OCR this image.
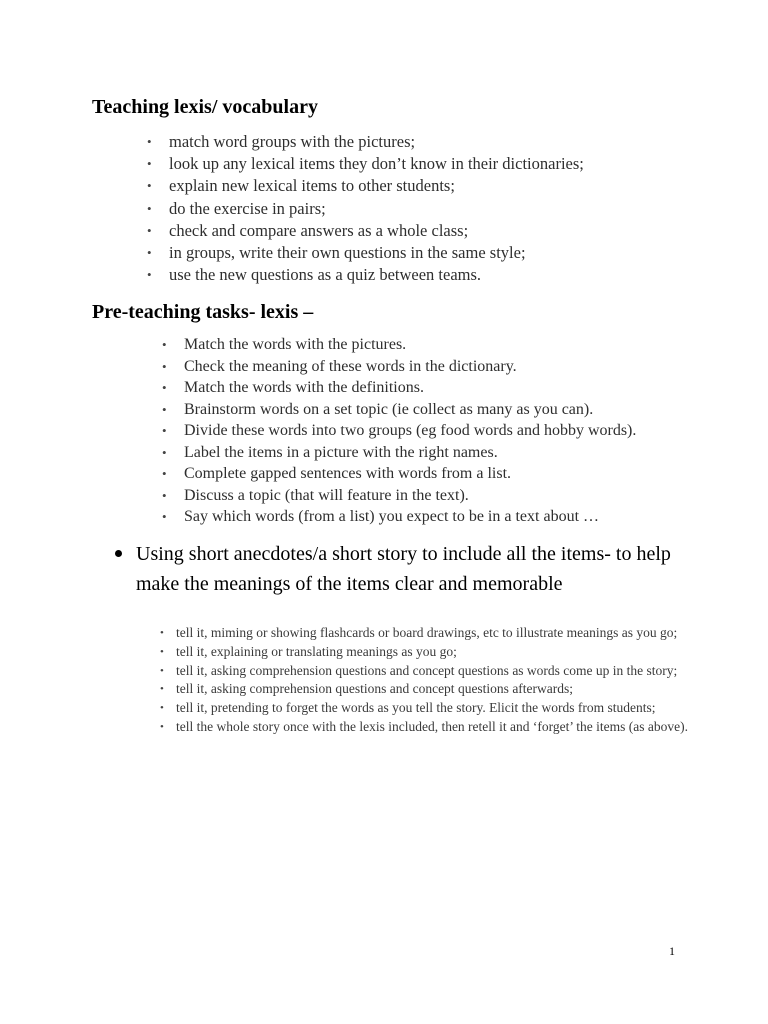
Teaching lexis/ vocabulary
• match word groups with the pictures;
• look up any lexical items they don’t know in their dictionaries;
• explain new lexical items to other students;
• do the exercise in pairs;
• check and compare answers as a whole class;
• in groups, write their own questions in the same style;
• use the new questions as a quiz between teams.
Pre-teaching tasks- lexis –
• Match the words with the pictures.
• Check the meaning of these words in the dictionary.
• Match the words with the definitions.
• Brainstorm words on a set topic (ie collect as many as you can).
• Divide these words into two groups (eg food words and hobby words).
• Label the items in a picture with the right names.
• Complete gapped sentences with words from a list.
• Discuss a topic (that will feature in the text).
• Say which words (from a list) you expect to be in a text about …
Using short anecdotes/a short story to include all the items- to help make the meanings of the items clear and memorable
• tell it, miming or showing flashcards or board drawings, etc to illustrate meanings as you go;
• tell it, explaining or translating meanings as you go;
• tell it, asking comprehension questions and concept questions as words come up in the story;
• tell it, asking comprehension questions and concept questions afterwards;
• tell it, pretending to forget the words as you tell the story. Elicit the words from students;
• tell the whole story once with the lexis included, then retell it and ‘forget’ the items (as above).
1
